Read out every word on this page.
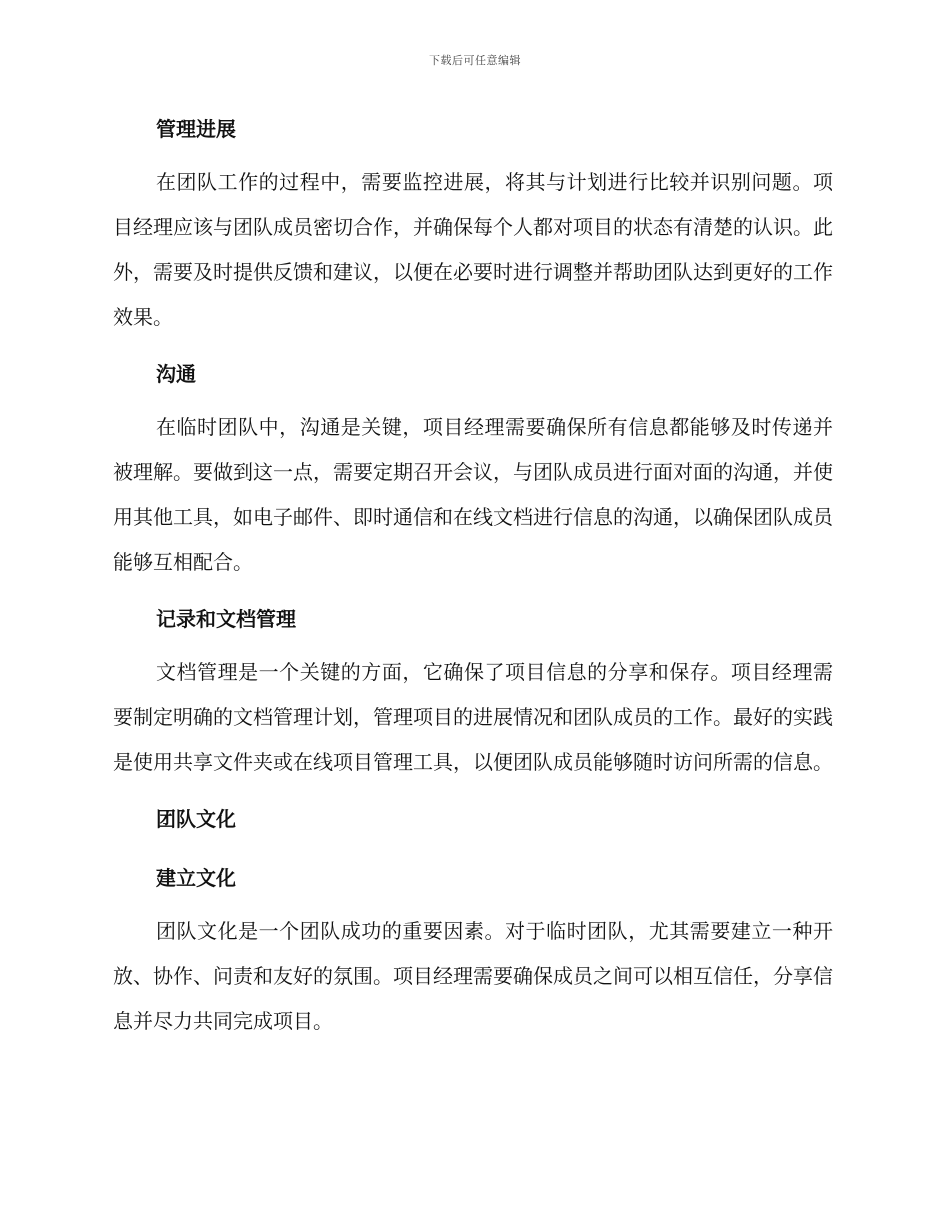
下载后可任意编辑
管理进展

在团队工作的过程中，需要监控进展，将其与计划进行比较并识别问题。项目经理应该与团队成员密切合作，并确保每个人都对项目的状态有清楚的认识。此外，需要及时提供反馈和建议，以便在必要时进行调整并帮助团队达到更好的工作效果。

沟通

在临时团队中，沟通是关键，项目经理需要确保所有信息都能够及时传递并被理解。要做到这一点，需要定期召开会议，与团队成员进行面对面的沟通，并使用其他工具，如电子邮件、即时通信和在线文档进行信息的沟通，以确保团队成员能够互相配合。

记录和文档管理

文档管理是一个关键的方面，它确保了项目信息的分享和保存。项目经理需要制定明确的文档管理计划，管理项目的进展情况和团队成员的工作。最好的实践是使用共享文件夹或在线项目管理工具，以便团队成员能够随时访问所需的信息。

团队文化
建立文化

团队文化是一个团队成功的重要因素。对于临时团队，尤其需要建立一种开放、协作、问责和友好的氛围。项目经理需要确保成员之间可以相互信任，分享信息并尽力共同完成项目。
